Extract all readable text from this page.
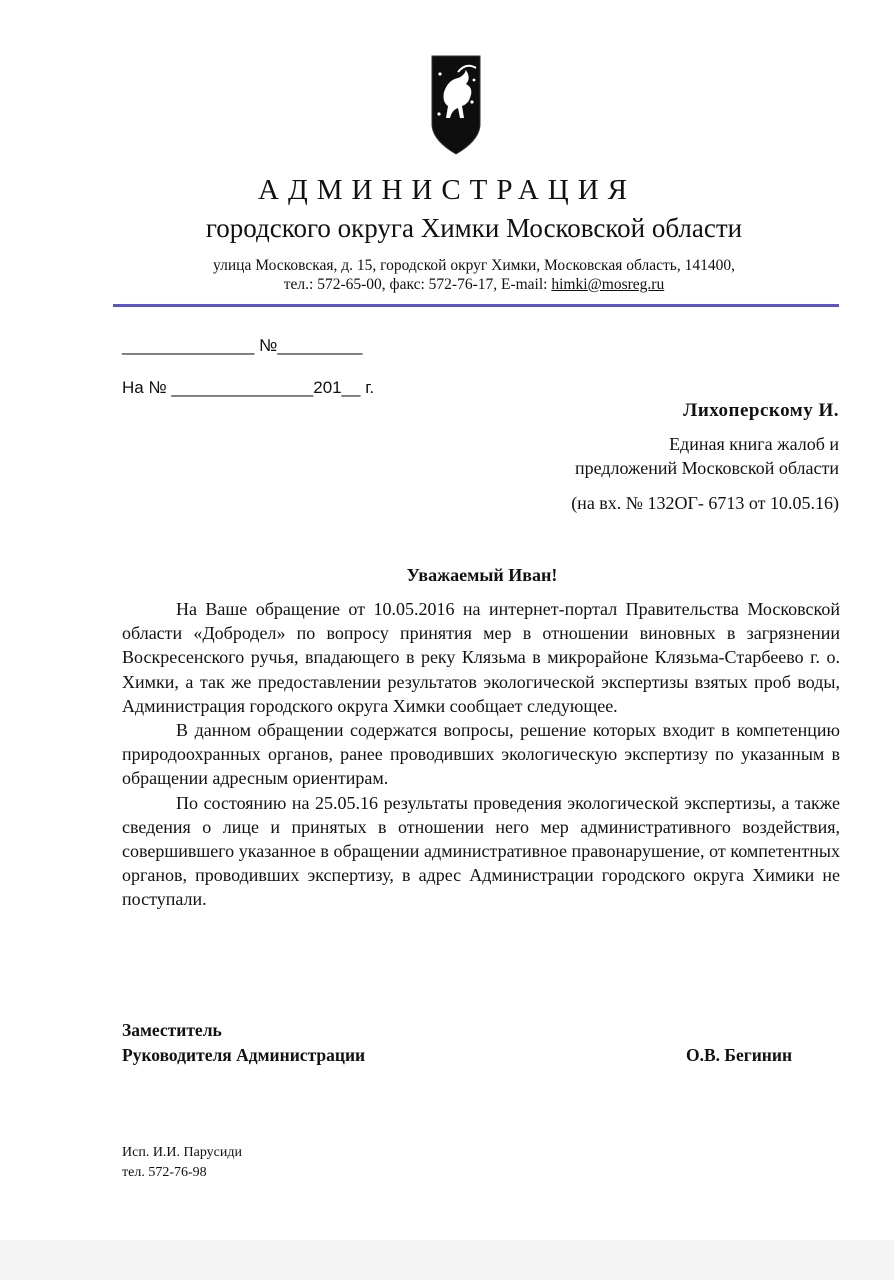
АДМИНИСТРАЦИЯ
городского округа Химки Московской области
улица Московская, д. 15, городской округ Химки, Московская область, 141400,
тел.: 572-65-00, факс: 572-76-17, E-mail: himki@mosreg.ru
______________ №_________
На № _______________201__ г.
Лихоперскому И.
Единая книга жалоб и
предложений Московской области
(на вх. № 132ОГ- 6713 от 10.05.16)
Уважаемый Иван!

На Ваше обращение от 10.05.2016 на интернет-портал Правительства Московской области «Добродел» по вопросу принятия мер в отношении виновных в загрязнении Воскресенского ручья, впадающего в реку Клязьма в микрорайоне Клязьма-Старбеево г. о. Химки, а так же предоставлении результатов экологической экспертизы взятых проб воды, Администрация городского округа Химки сообщает следующее.

В данном обращении содержатся вопросы, решение которых входит в компетенцию природоохранных органов, ранее проводивших экологическую экспертизу по указанным в обращении адресным ориентирам.

По состоянию на 25.05.16 результаты проведения экологической экспертизы, а также сведения о лице и принятых в отношении него мер административного воздействия, совершившего указанное в обращении административное правонарушение, от компетентных органов, проводивших экспертизу, в адрес Администрации городского округа Химики не поступали.

Заместитель
Руководителя Администрации	О.В. Бегинин
Исп. И.И. Парусиди
тел. 572-76-98
